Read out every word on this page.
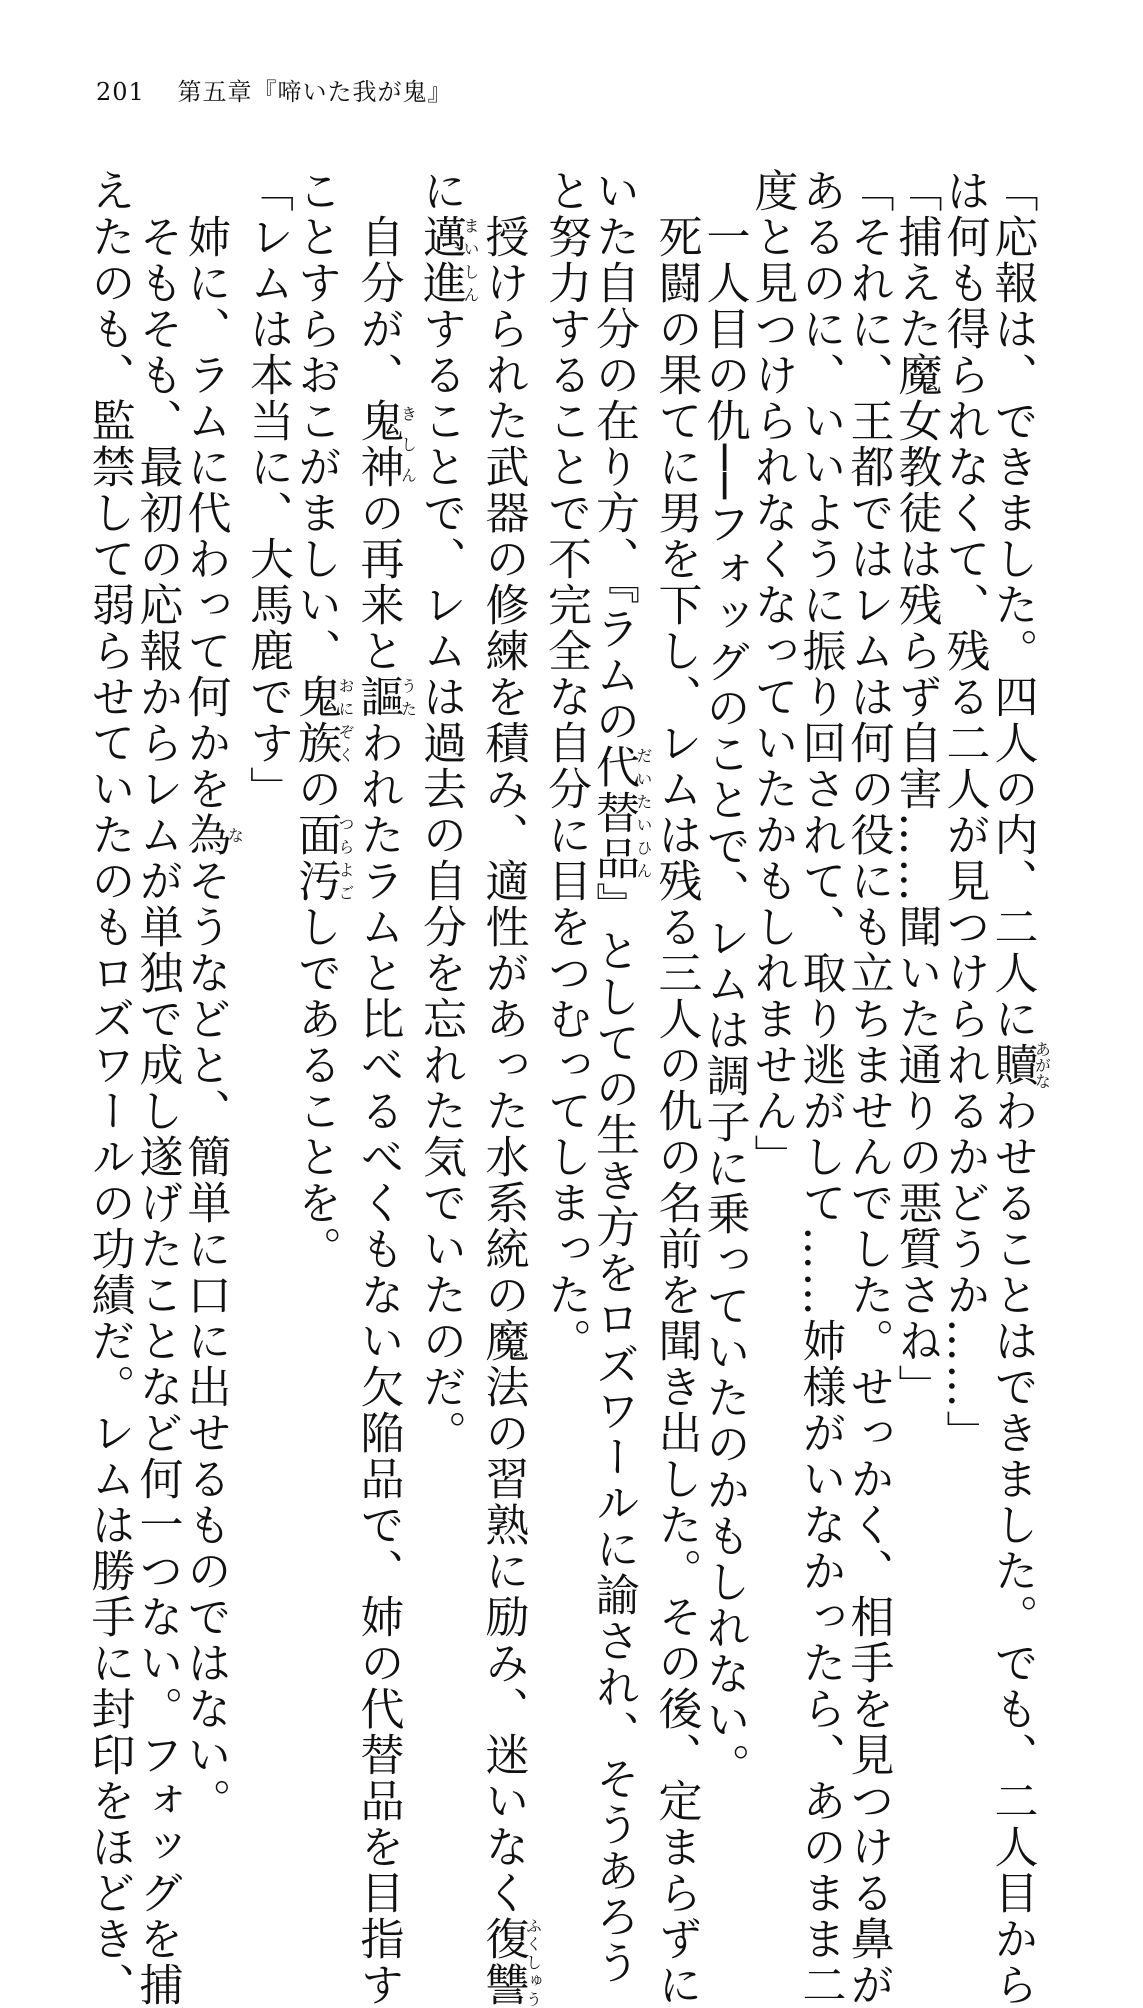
201 第五章『啼いた我が鬼』

「応報は、できました。四人の内、二人に贖あがなわせることはできました。でも、二人目から

は何も得られなくて、残る二人が見つけられるかどうか……」

「捕えた魔女教徒は残らず自害……聞いた通りの悪質さね」

「それに、王都ではレムは何の役にも立ちませんでした。せっかく、相手を見つける鼻が

あるのに、いいように振り回されて、取り逃がして……姉様がいなかったら、あのまま二

度と見つけられなくなっていたかもしれません」

　一人目の仇──フォッグのことで、レムは調子に乗っていたのかもしれない。

　死闘の果てに男を下し、レムは残る三人の仇の名前を聞き出した。その後、定まらずに

いた自分の在り方、『ラムの代替品だいたいひん』としての生き方をロズワールに諭され、そうあろう

と努力することで不完全な自分に目をつむってしまった。

　授けられた武器の修練を積み、適性があった水系統の魔法の習熟に励み、迷いなく復讐ふくしゅう

に邁進まいしんすることで、レムは過去の自分を忘れた気でいたのだ。

　自分が、鬼神きしんの再来と謳うたわれたラムと比べるべくもない欠陥品で、姉の代替品を目指す

ことすらおこがましい、鬼族おにぞくの面汚つらよごしであることを。

「レムは本当に、大馬鹿です」

　姉に、ラムに代わって何かを為なそうなどと、簡単に口に出せるものではない。

　そもそも、最初の応報からレムが単独で成し遂げたことなど何一つない。フォッグを捕

えたのも、監禁して弱らせていたのもロズワールの功績だ。レムは勝手に封印をほどき、
